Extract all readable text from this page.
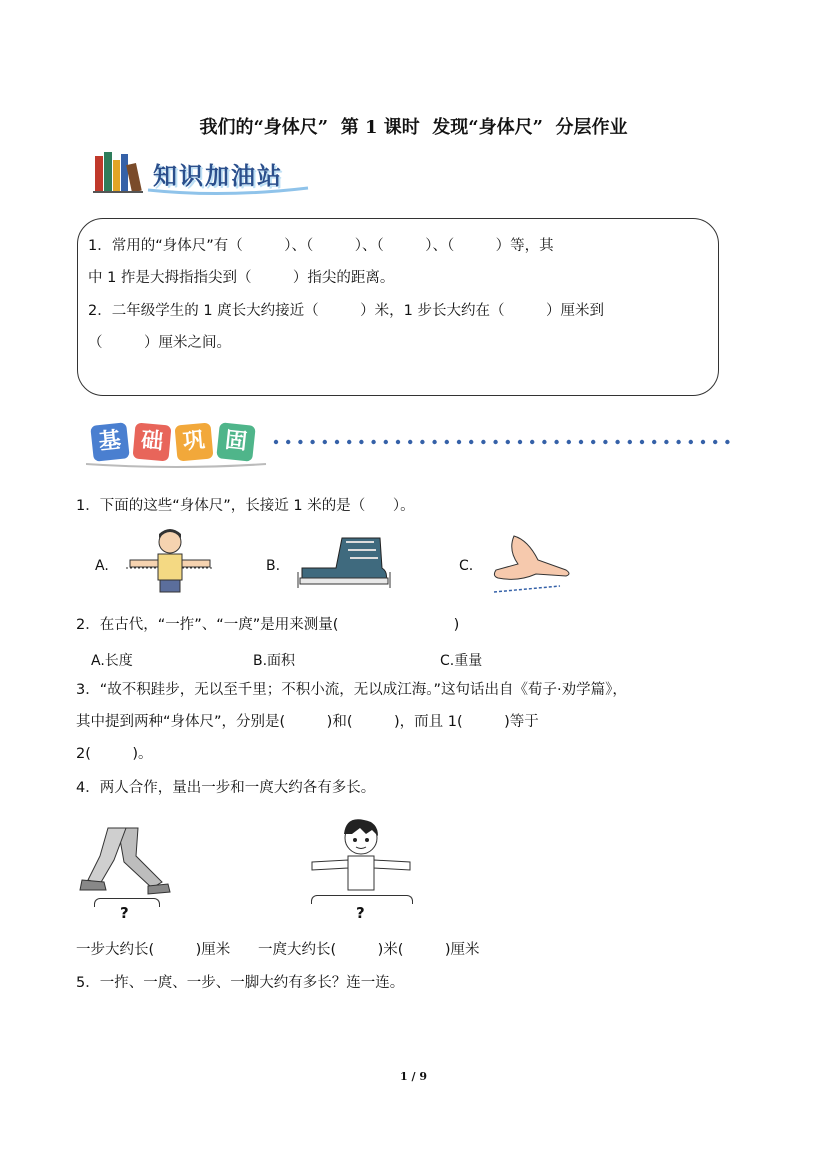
我们的“身体尺”  第 1 课时  发现“身体尺”  分层作业
知识加油站
1．常用的“身体尺”有（         ）、（         ）、（         ）、（         ）等，其
中 1 拃是大拇指指尖到（         ）指尖的距离。
2．二年级学生的 1 庹长大约接近（         ）米，1 步长大约在（         ）厘米到
（         ）厘米之间。
基 础 巩 固
1．下面的这些“身体尺”，长接近 1 米的是（      ）。
A.	B.	C.
2．在古代，“一拃”、“一庹”是用来测量(                         )
A.长度	B.面积	C.重量
3．“故不积跬步，无以至千里；不积小流，无以成江海。”这句话出自《荀子·劝学篇》，
其中提到两种“身体尺”，分别是(         )和(         )，而且 1(         )等于
2(         )。
4．两人合作，量出一步和一庹大约各有多长。
?	?
一步大约长(         )厘米      一庹大约长(         )米(         )厘米
5．一拃、一庹、一步、一脚大约有多长？连一连。
1 / 9
